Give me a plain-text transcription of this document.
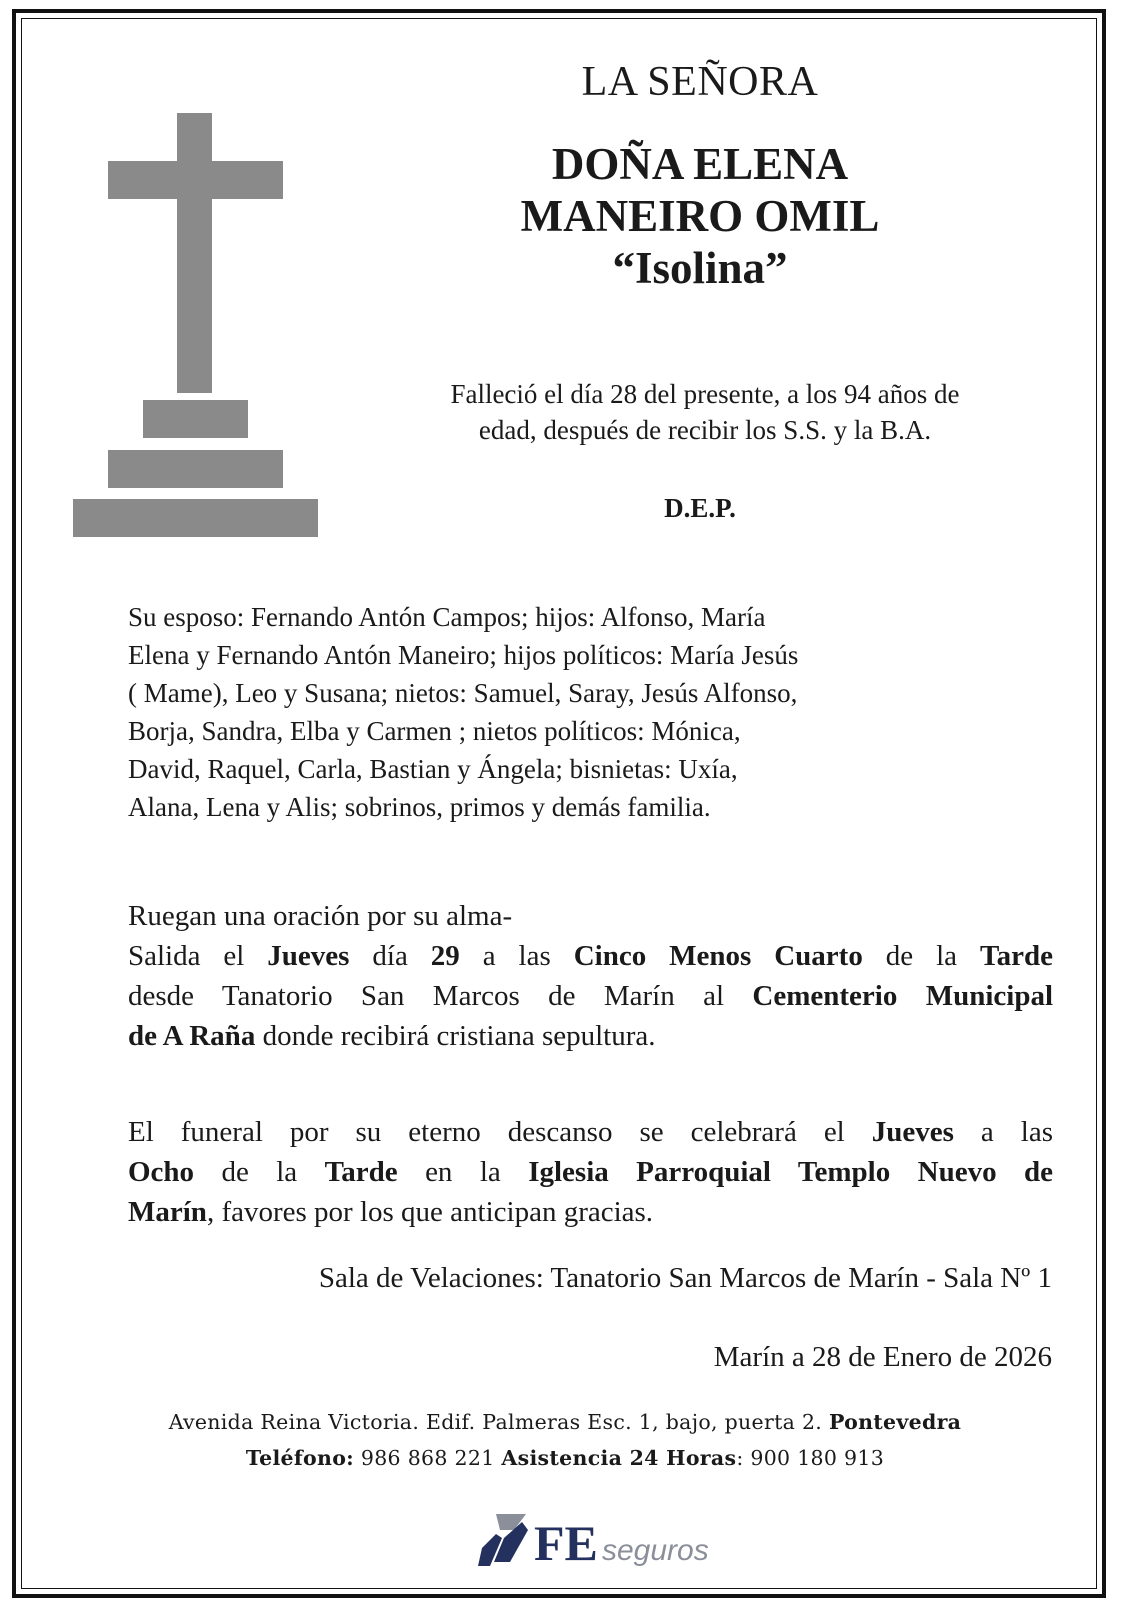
LA SEÑORA
DOÑA ELENA
MANEIRO OMIL
“Isolina”
Falleció el día 28 del presente, a los 94 años de
edad, después de recibir los S.S. y la B.A.
D.E.P.
Su esposo: Fernando Antón Campos; hijos: Alfonso, María
Elena y Fernando Antón Maneiro; hijos políticos: María Jesús
( Mame), Leo y Susana; nietos: Samuel, Saray, Jesús Alfonso,
Borja, Sandra, Elba y Carmen ; nietos políticos: Mónica,
David, Raquel, Carla, Bastian y Ángela; bisnietas: Uxía,
Alana, Lena y Alis; sobrinos, primos y demás familia.
Ruegan una oración por su alma-
Salida el Jueves día 29 a las Cinco Menos Cuarto de la Tarde
desde Tanatorio San Marcos de Marín al Cementerio Municipal
de A Raña donde recibirá cristiana sepultura.
El funeral por su eterno descanso se celebrará el Jueves a las
Ocho de la Tarde en la Iglesia Parroquial Templo Nuevo de
Marín, favores por los que anticipan gracias.
Sala de Velaciones: Tanatorio San Marcos de Marín - Sala Nº 1
Marín a 28 de Enero de 2026
Avenida Reina Victoria. Edif. Palmeras Esc. 1, bajo, puerta 2. Pontevedra
Teléfono: 986 868 221 Asistencia 24 Horas: 900 180 913
FE seguros
